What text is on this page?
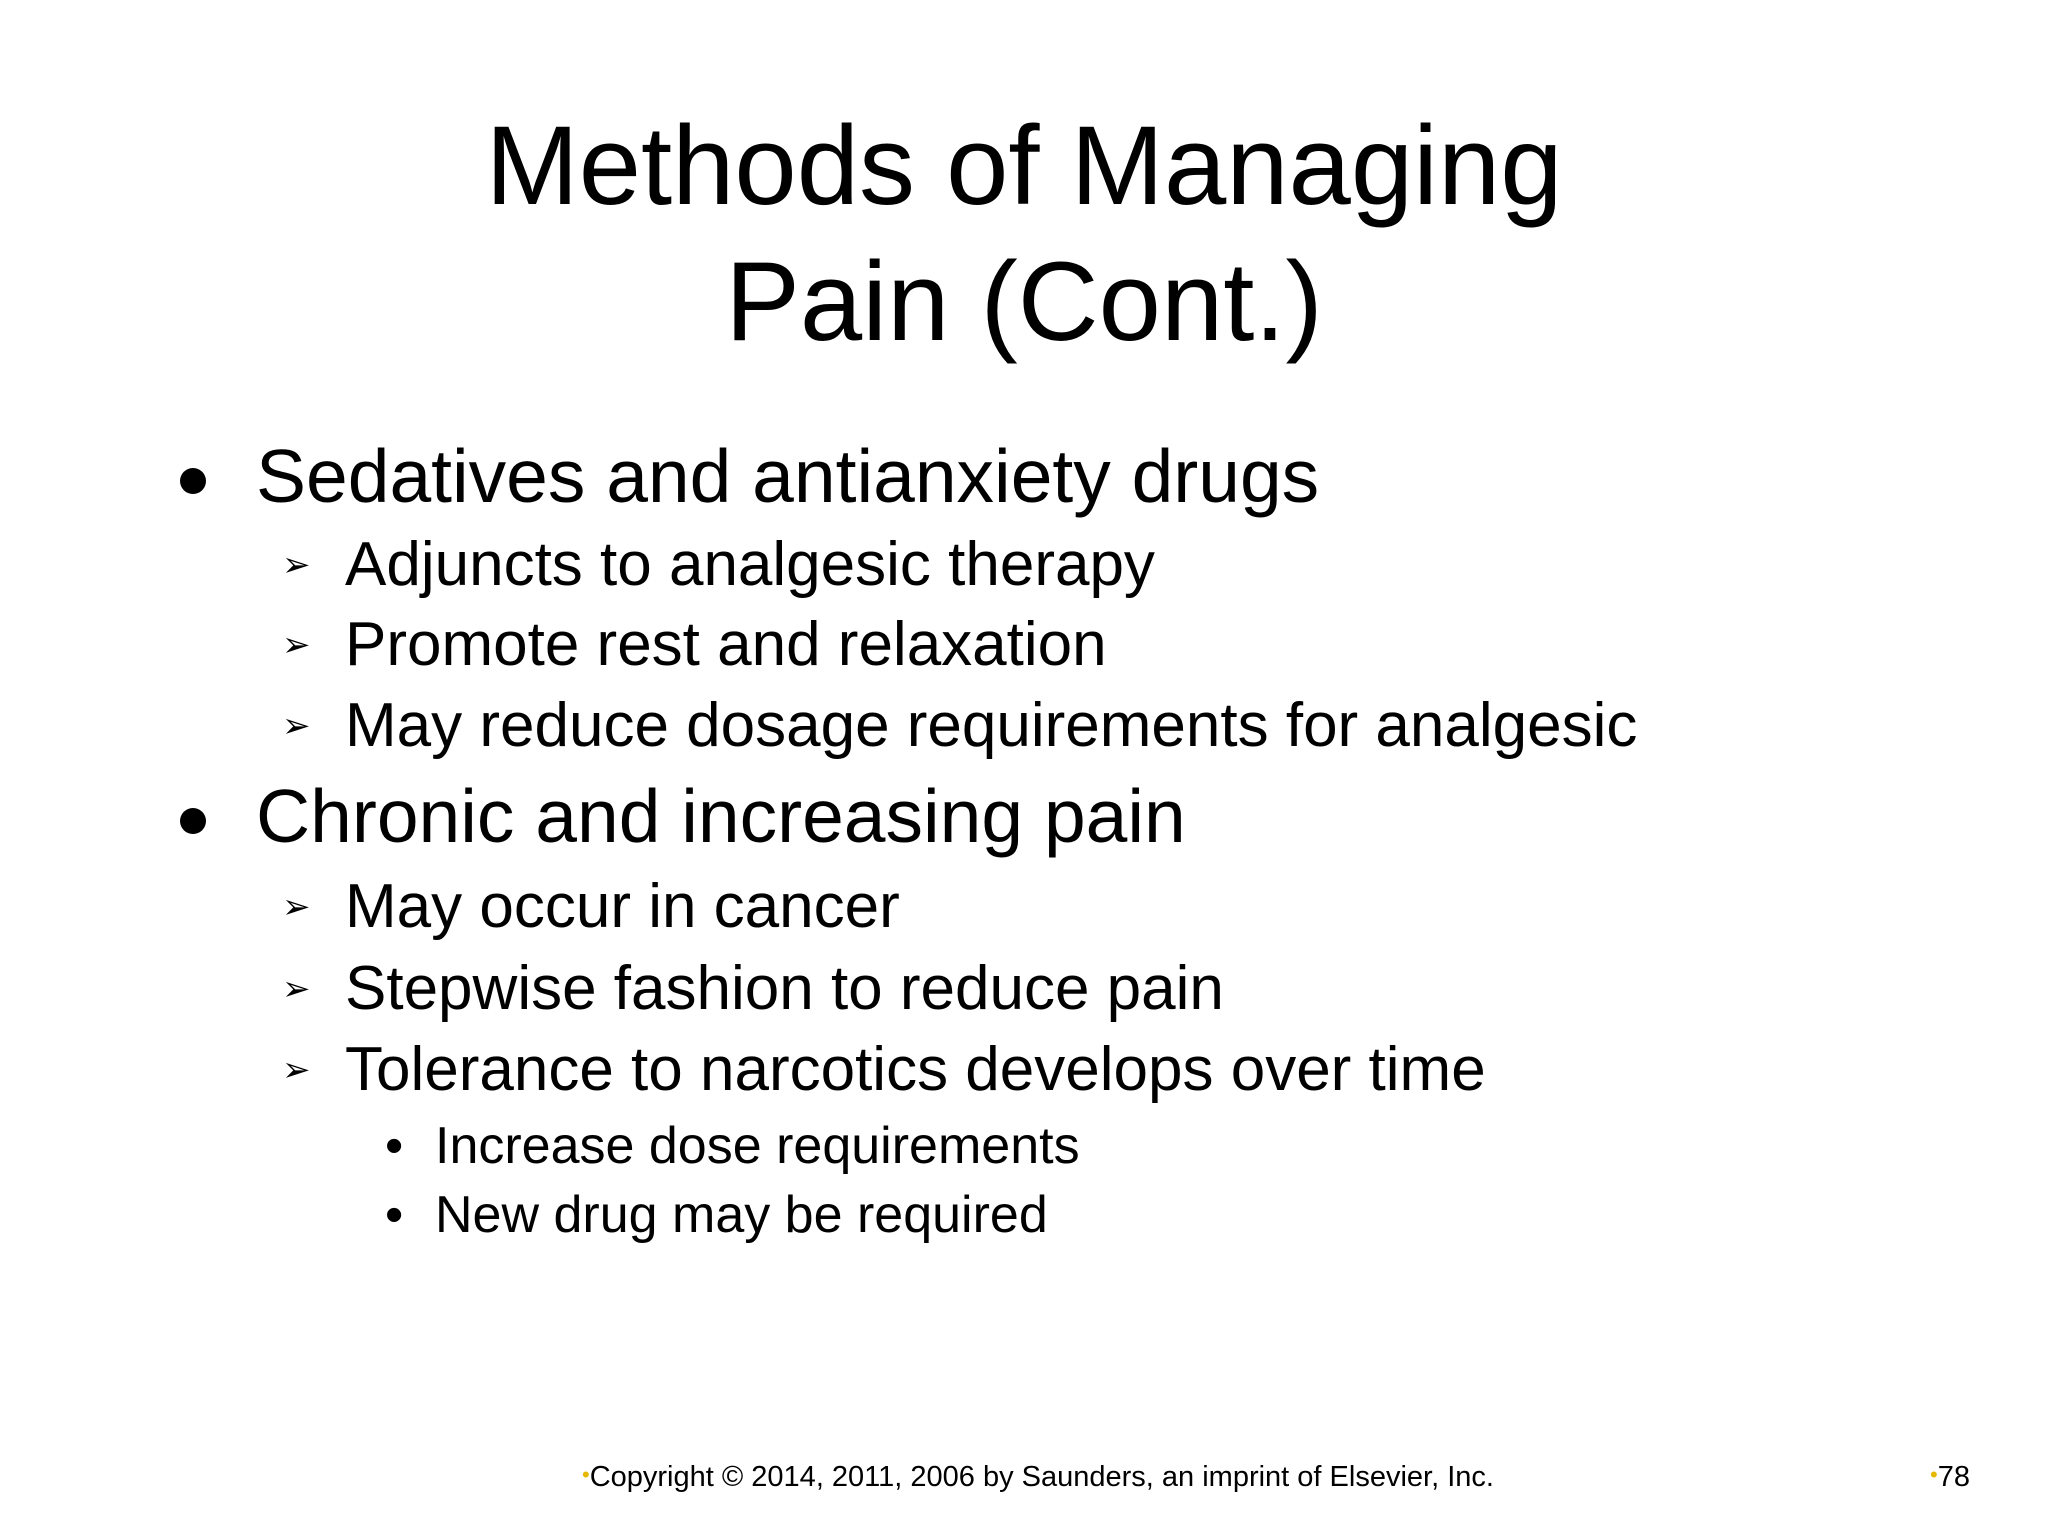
Methods of Managing
Pain (Cont.)
Sedatives and antianxiety drugs
➢ Adjuncts to analgesic therapy
➢ Promote rest and relaxation
➢ May reduce dosage requirements for analgesic
Chronic and increasing pain
➢ May occur in cancer
➢ Stepwise fashion to reduce pain
➢ Tolerance to narcotics develops over time
• Increase dose requirements
• New drug may be required
•Copyright © 2014, 2011, 2006 by Saunders, an imprint of Elsevier, Inc.	•78
